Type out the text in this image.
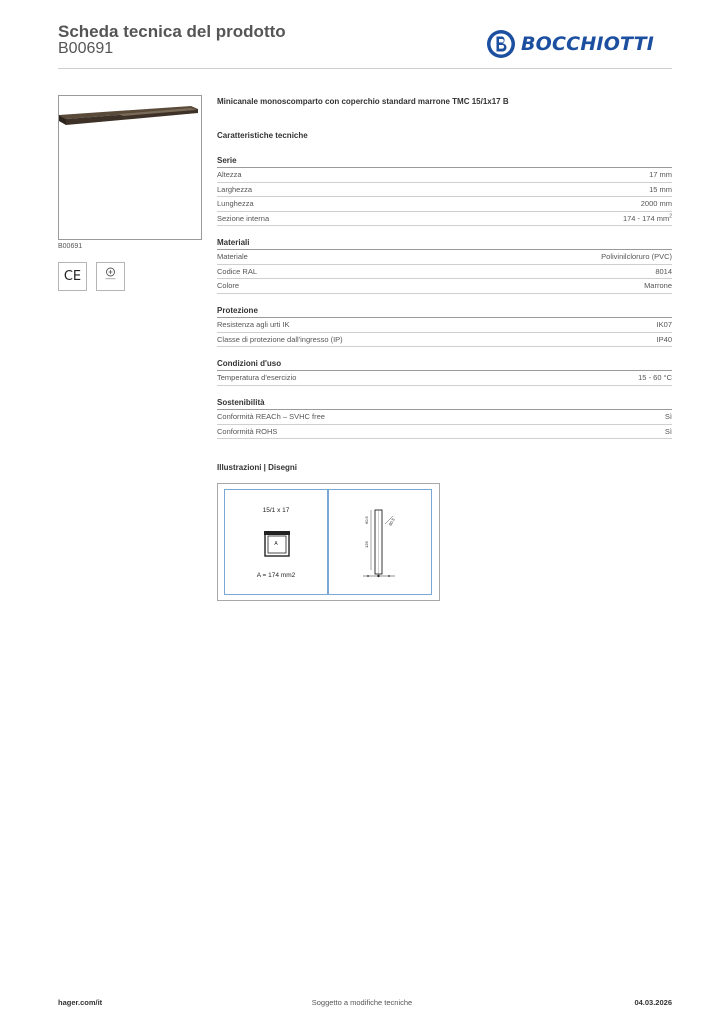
Scheda tecnica del prodotto
B00691	BOCCHIOTTI
B00691
CE
Minicanale monoscomparto con coperchio standard marrone TMC 15/1x17 B
Caratteristiche tecniche
Serie
Altezza	17 mm
Larghezza	15 mm
Lunghezza	2000 mm
Sezione interna	174 - 174 $mm^2$
Materiali
Materiale	Polivinilcloruro (PVC)
Codice RAL	8014
Colore	Marrone
Protezione
Resistenza agli urti IK	IK07
Classe di protezione dall'ingresso (IP)	IP40
Condizioni d'uso
Temperatura d'esercizio	15 - 60 °C
Sostenibilità
Conformità REACh – SVHC free	Sì
Conformità ROHS	Sì
Illustrazioni | Disegni
15/1 x 17
A
A = 174 mm2
60.5
126
60.5
hager.com/it	Soggetto a modifiche tecniche	04.03.2026
